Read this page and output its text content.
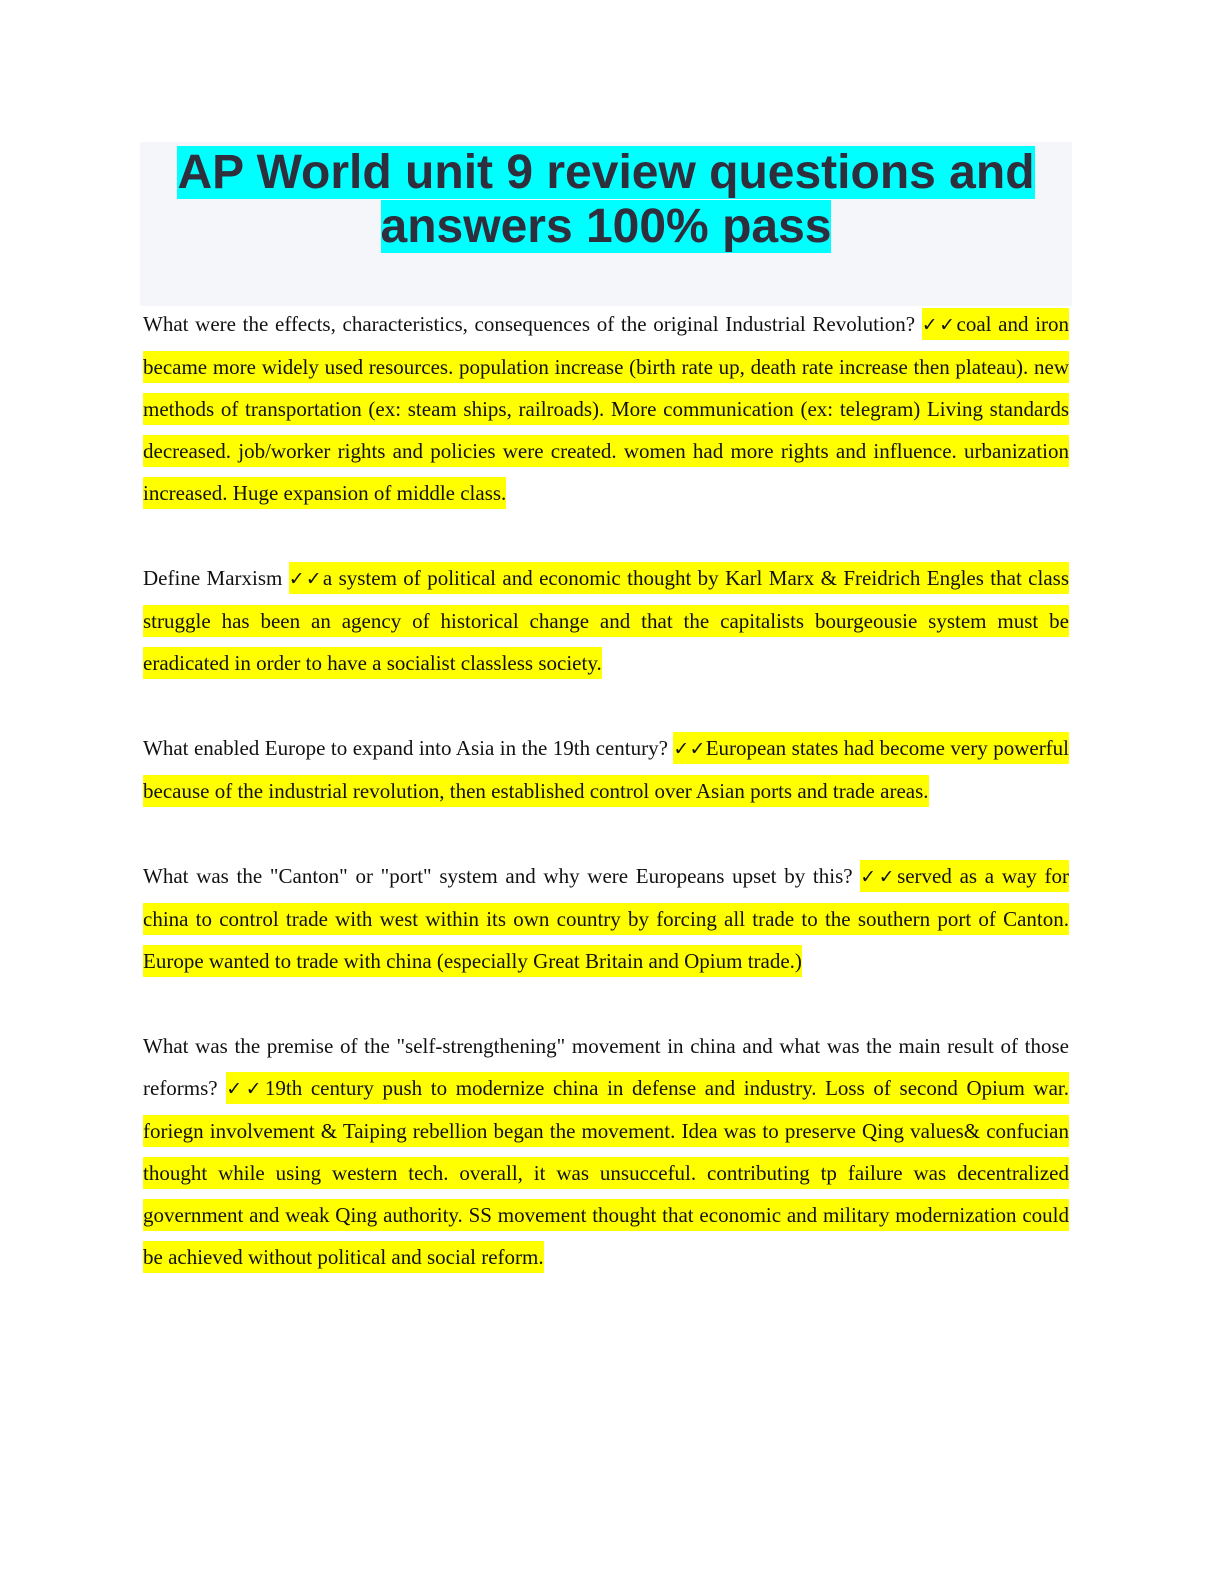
AP World unit 9 review questions and answers 100% pass

What were the effects, characteristics, consequences of the original Industrial Revolution? ✓✓coal and iron became more widely used resources. population increase (birth rate up, death rate increase then plateau). new methods of transportation (ex: steam ships, railroads). More communication (ex: telegram) Living standards decreased. job/worker rights and policies were created. women had more rights and influence. urbanization increased. Huge expansion of middle class.

Define Marxism ✓✓a system of political and economic thought by Karl Marx & Freidrich Engles that class struggle has been an agency of historical change and that the capitalists bourgeousie system must be eradicated in order to have a socialist classless society.

What enabled Europe to expand into Asia in the 19th century? ✓✓European states had become very powerful because of the industrial revolution, then established control over Asian ports and trade areas.

What was the "Canton" or "port" system and why were Europeans upset by this? ✓✓served as a way for china to control trade with west within its own country by forcing all trade to the southern port of Canton. Europe wanted to trade with china (especially Great Britain and Opium trade.)

What was the premise of the "self-strengthening" movement in china and what was the main result of those reforms? ✓✓19th century push to modernize china in defense and industry. Loss of second Opium war. foriegn involvement & Taiping rebellion began the movement. Idea was to preserve Qing values& confucian thought while using western tech. overall, it was unsucceful. contributing tp failure was decentralized government and weak Qing authority. SS movement thought that economic and military modernization could be achieved without political and social reform.
